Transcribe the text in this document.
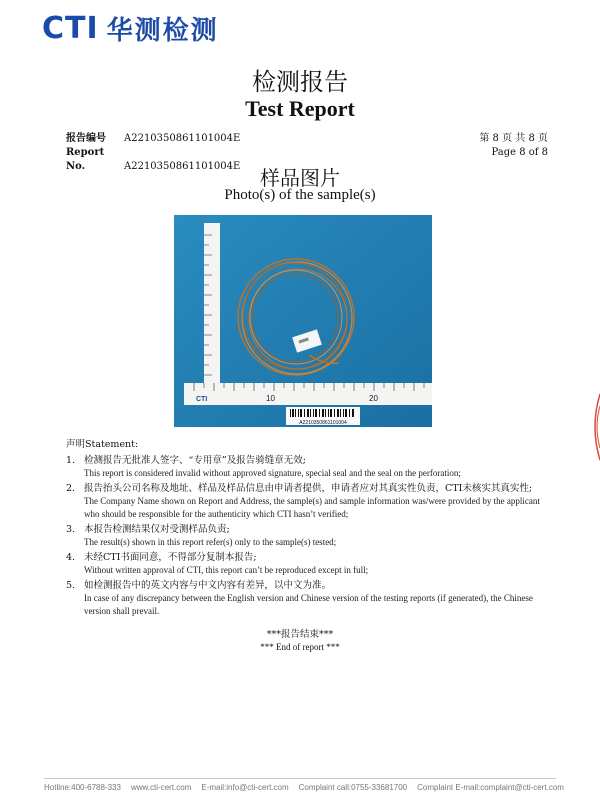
CTI 华测检测
检测报告
Test Report
报告编号 A2210350861101004E
Report No.	A2210350861101004E
第 8 页 共 8 页
Page 8 of 8
样品图片
Photo(s) of the sample(s)
CTI	10	20
A2210350861101004
声明Statement:
1. 检测报告无批准人签字、“专用章”及报告骑缝章无效;
This report is considered invalid without approved signature, special seal and the seal on the perforation;
2. 报告抬头公司名称及地址、样品及样品信息由申请者提供，申请者应对其真实性负责，CTI未核实其真实性;
The Company Name shown on Report and Address, the sample(s) and sample information was/were provided by the applicant who should be responsible for the authenticity which CTI hasn’t verified;
3. 本报告检测结果仅对受测样品负责;
The result(s) shown in this report refer(s) only to the sample(s) tested;
4. 未经CTI书面同意，不得部分复制本报告;
Without written approval of CTI, this report can’t be reproduced except in full;
5. 如检测报告中的英文内容与中文内容有差异，以中文为准。
In case of any discrepancy between the English version and Chinese version of the testing reports (if generated), the Chinese version shall prevail.
***报告结束***
*** End of report ***
Hotline:400-6788-333 www.cti-cert.com E-mail:info@cti-cert.com Complaint call:0755-33681700 Complaint E-mail:complaint@cti-cert.com
